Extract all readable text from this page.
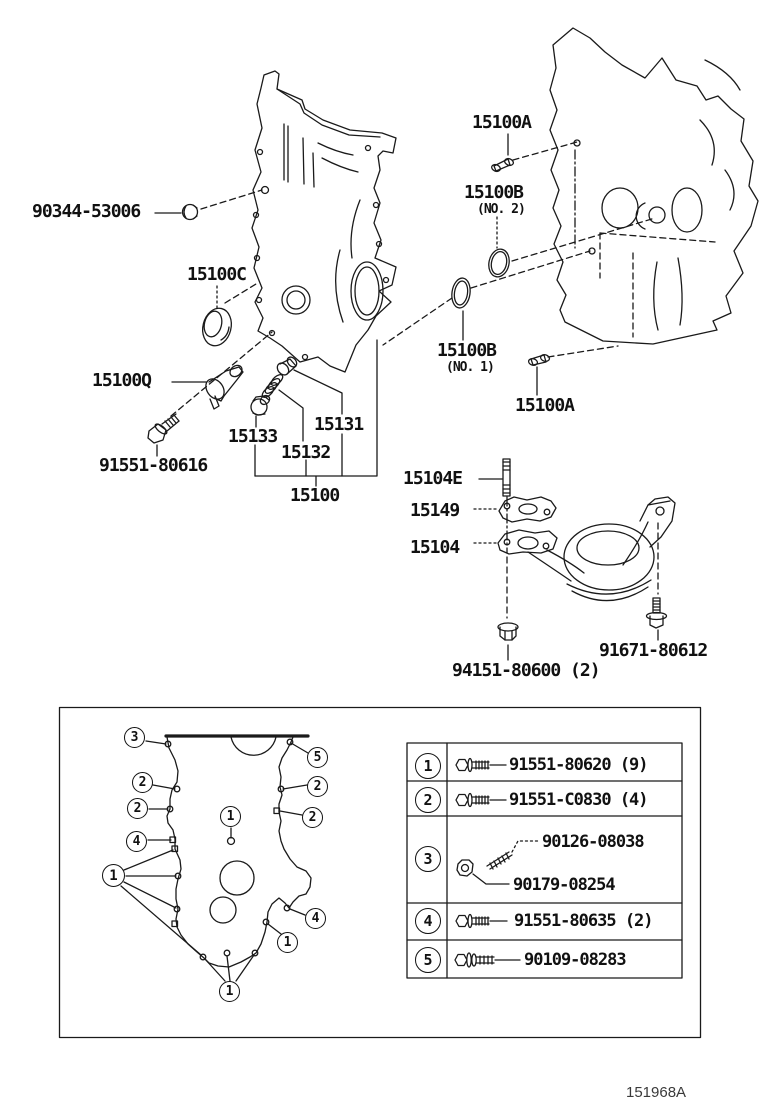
90344-53006
15100C
15100Q
91551-80616
15133
15132
15131
15100
15100A
15100B
(NO. 2)
15100B
(NO. 1)
15100A
15104E
15149
15104
91671-80612
94151-80600 (2)
1
2
3
4
5
91551-80620 (9)
91551-C0830 (4)
90126-08038
90179-08254
91551-80635 (2)
90109-08283
3
5
2
2
4
1
1
2
2
4
1
1
151968A
